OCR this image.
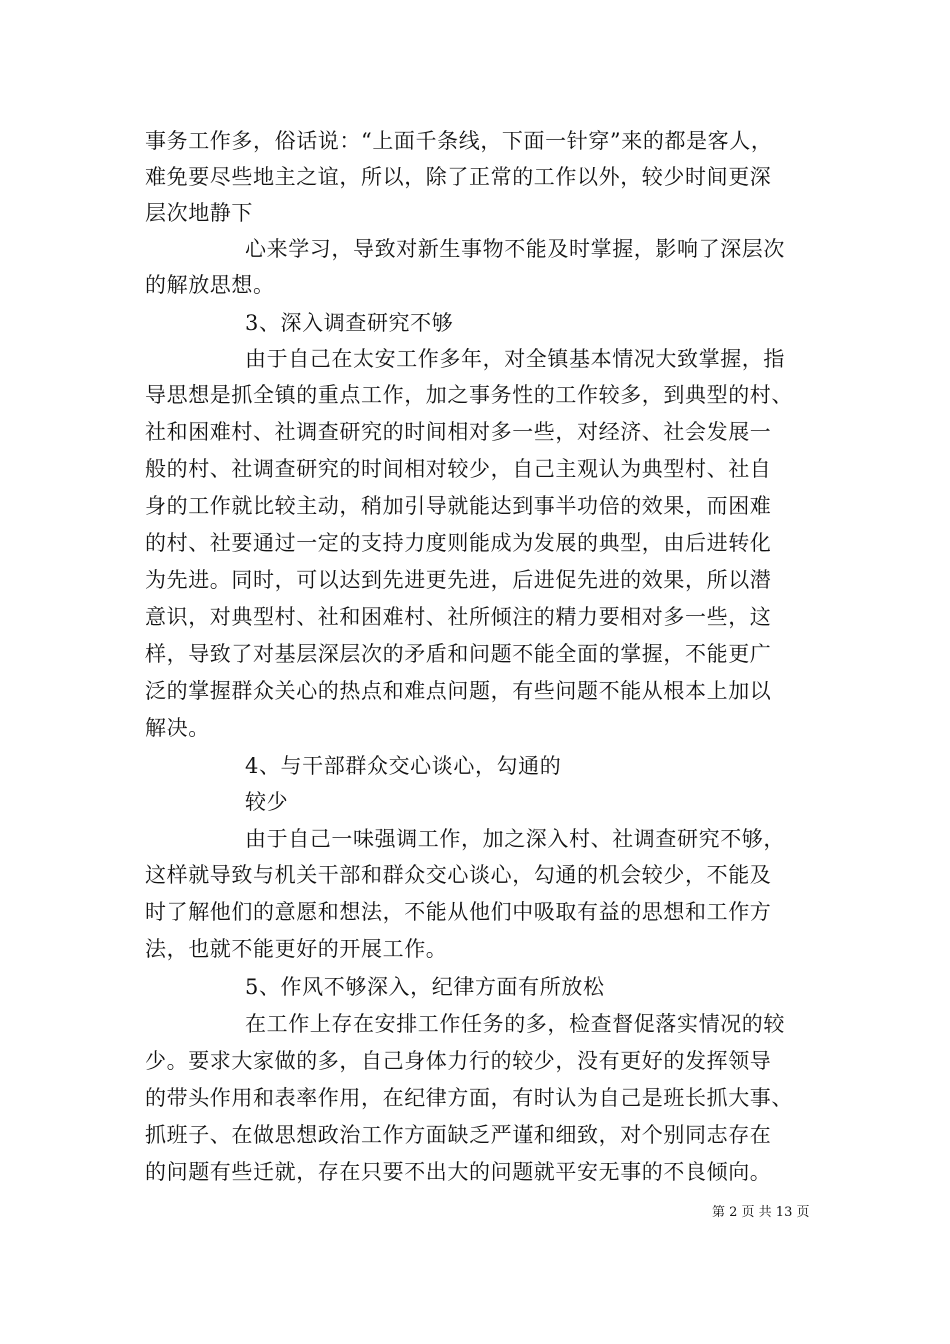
事务工作多，俗话说：“上面千条线，下面一针穿”来的都是客人，
难免要尽些地主之谊，所以，除了正常的工作以外，较少时间更深
层次地静下
心来学习，导致对新生事物不能及时掌握，影响了深层次
的解放思想。
3、深入调查研究不够
由于自己在太安工作多年，对全镇基本情况大致掌握，指
导思想是抓全镇的重点工作，加之事务性的工作较多，到典型的村、
社和困难村、社调查研究的时间相对多一些，对经济、社会发展一
般的村、社调查研究的时间相对较少，自己主观认为典型村、社自
身的工作就比较主动，稍加引导就能达到事半功倍的效果，而困难
的村、社要通过一定的支持力度则能成为发展的典型，由后进转化
为先进。同时，可以达到先进更先进，后进促先进的效果，所以潜
意识，对典型村、社和困难村、社所倾注的精力要相对多一些，这
样，导致了对基层深层次的矛盾和问题不能全面的掌握，不能更广
泛的掌握群众关心的热点和难点问题，有些问题不能从根本上加以
解决。
4、与干部群众交心谈心，勾通的
较少
由于自己一味强调工作，加之深入村、社调查研究不够，
这样就导致与机关干部和群众交心谈心，勾通的机会较少，不能及
时了解他们的意愿和想法，不能从他们中吸取有益的思想和工作方
法，也就不能更好的开展工作。
5、作风不够深入，纪律方面有所放松
在工作上存在安排工作任务的多，检查督促落实情况的较
少。要求大家做的多，自己身体力行的较少，没有更好的发挥领导
的带头作用和表率作用，在纪律方面，有时认为自己是班长抓大事、
抓班子、在做思想政治工作方面缺乏严谨和细致，对个别同志存在
的问题有些迁就，存在只要不出大的问题就平安无事的不良倾向。
第 2 页 共 13 页
